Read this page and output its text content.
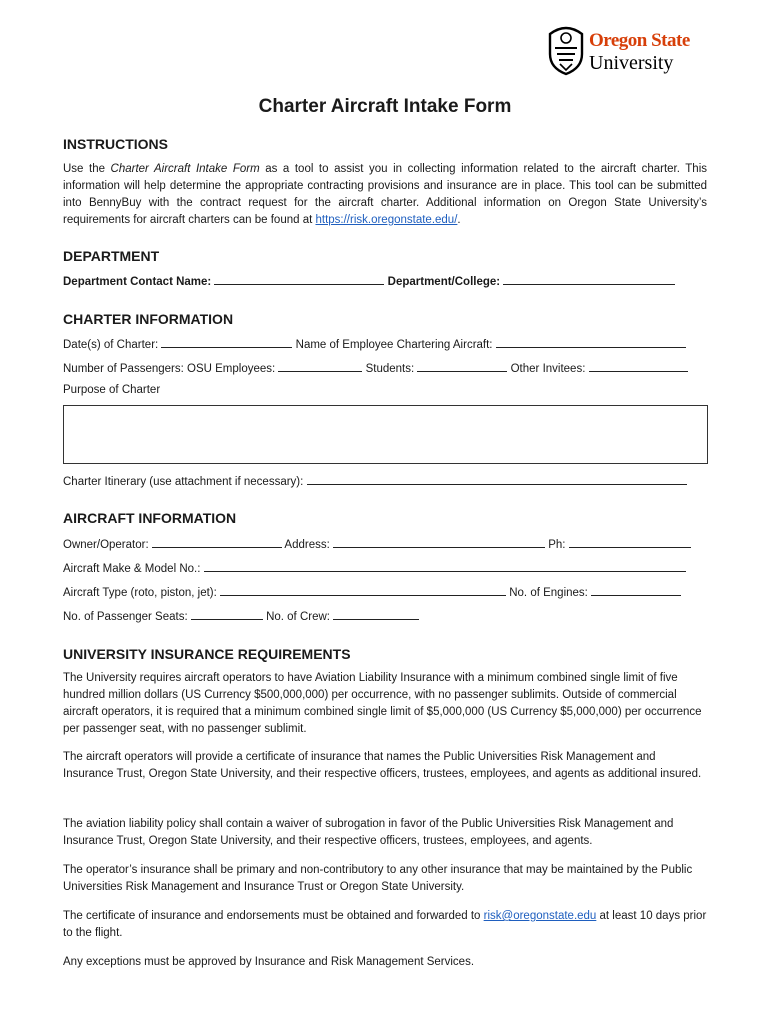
Oregon State
University
Charter Aircraft Intake Form
INSTRUCTIONS
Use the Charter Aircraft Intake Form as a tool to assist you in collecting information related to the aircraft charter. This information will help determine the appropriate contracting provisions and insurance are in place. This tool can be submitted into BennyBuy with the contract request for the aircraft charter. Additional information on Oregon State University’s requirements for aircraft charters can be found at https://risk.oregonstate.edu/.
DEPARTMENT
Department Contact Name:	Department/College:
CHARTER INFORMATION
Date(s) of Charter:	Name of Employee Chartering Aircraft:
Number of Passengers: OSU Employees:	Students:	Other Invitees:
Purpose of Charter
Charter Itinerary (use attachment if necessary):
AIRCRAFT INFORMATION
Owner/Operator:	Address:	Ph:
Aircraft Make & Model No.:
Aircraft Type (roto, piston, jet):	No. of Engines:
No. of Passenger Seats:	No. of Crew:
UNIVERSITY INSURANCE REQUIREMENTS
The University requires aircraft operators to have Aviation Liability Insurance with a minimum combined single limit of five hundred million dollars (US Currency $500,000,000) per occurrence, with no passenger sublimits. Outside of commercial aircraft operators, it is required that a minimum combined single limit of $5,000,000 (US Currency $5,000,000) per occurrence per passenger seat, with no passenger sublimit.
The aircraft operators will provide a certificate of insurance that names the Public Universities Risk Management and Insurance Trust, Oregon State University, and their respective officers, trustees, employees, and agents as additional insured.
The aviation liability policy shall contain a waiver of subrogation in favor of the Public Universities Risk Management and Insurance Trust, Oregon State University, and their respective officers, trustees, employees, and agents.
The operator’s insurance shall be primary and non-contributory to any other insurance that may be maintained by the Public Universities Risk Management and Insurance Trust or Oregon State University.
The certificate of insurance and endorsements must be obtained and forwarded to risk@oregonstate.edu at least 10 days prior to the flight.
Any exceptions must be approved by Insurance and Risk Management Services.
